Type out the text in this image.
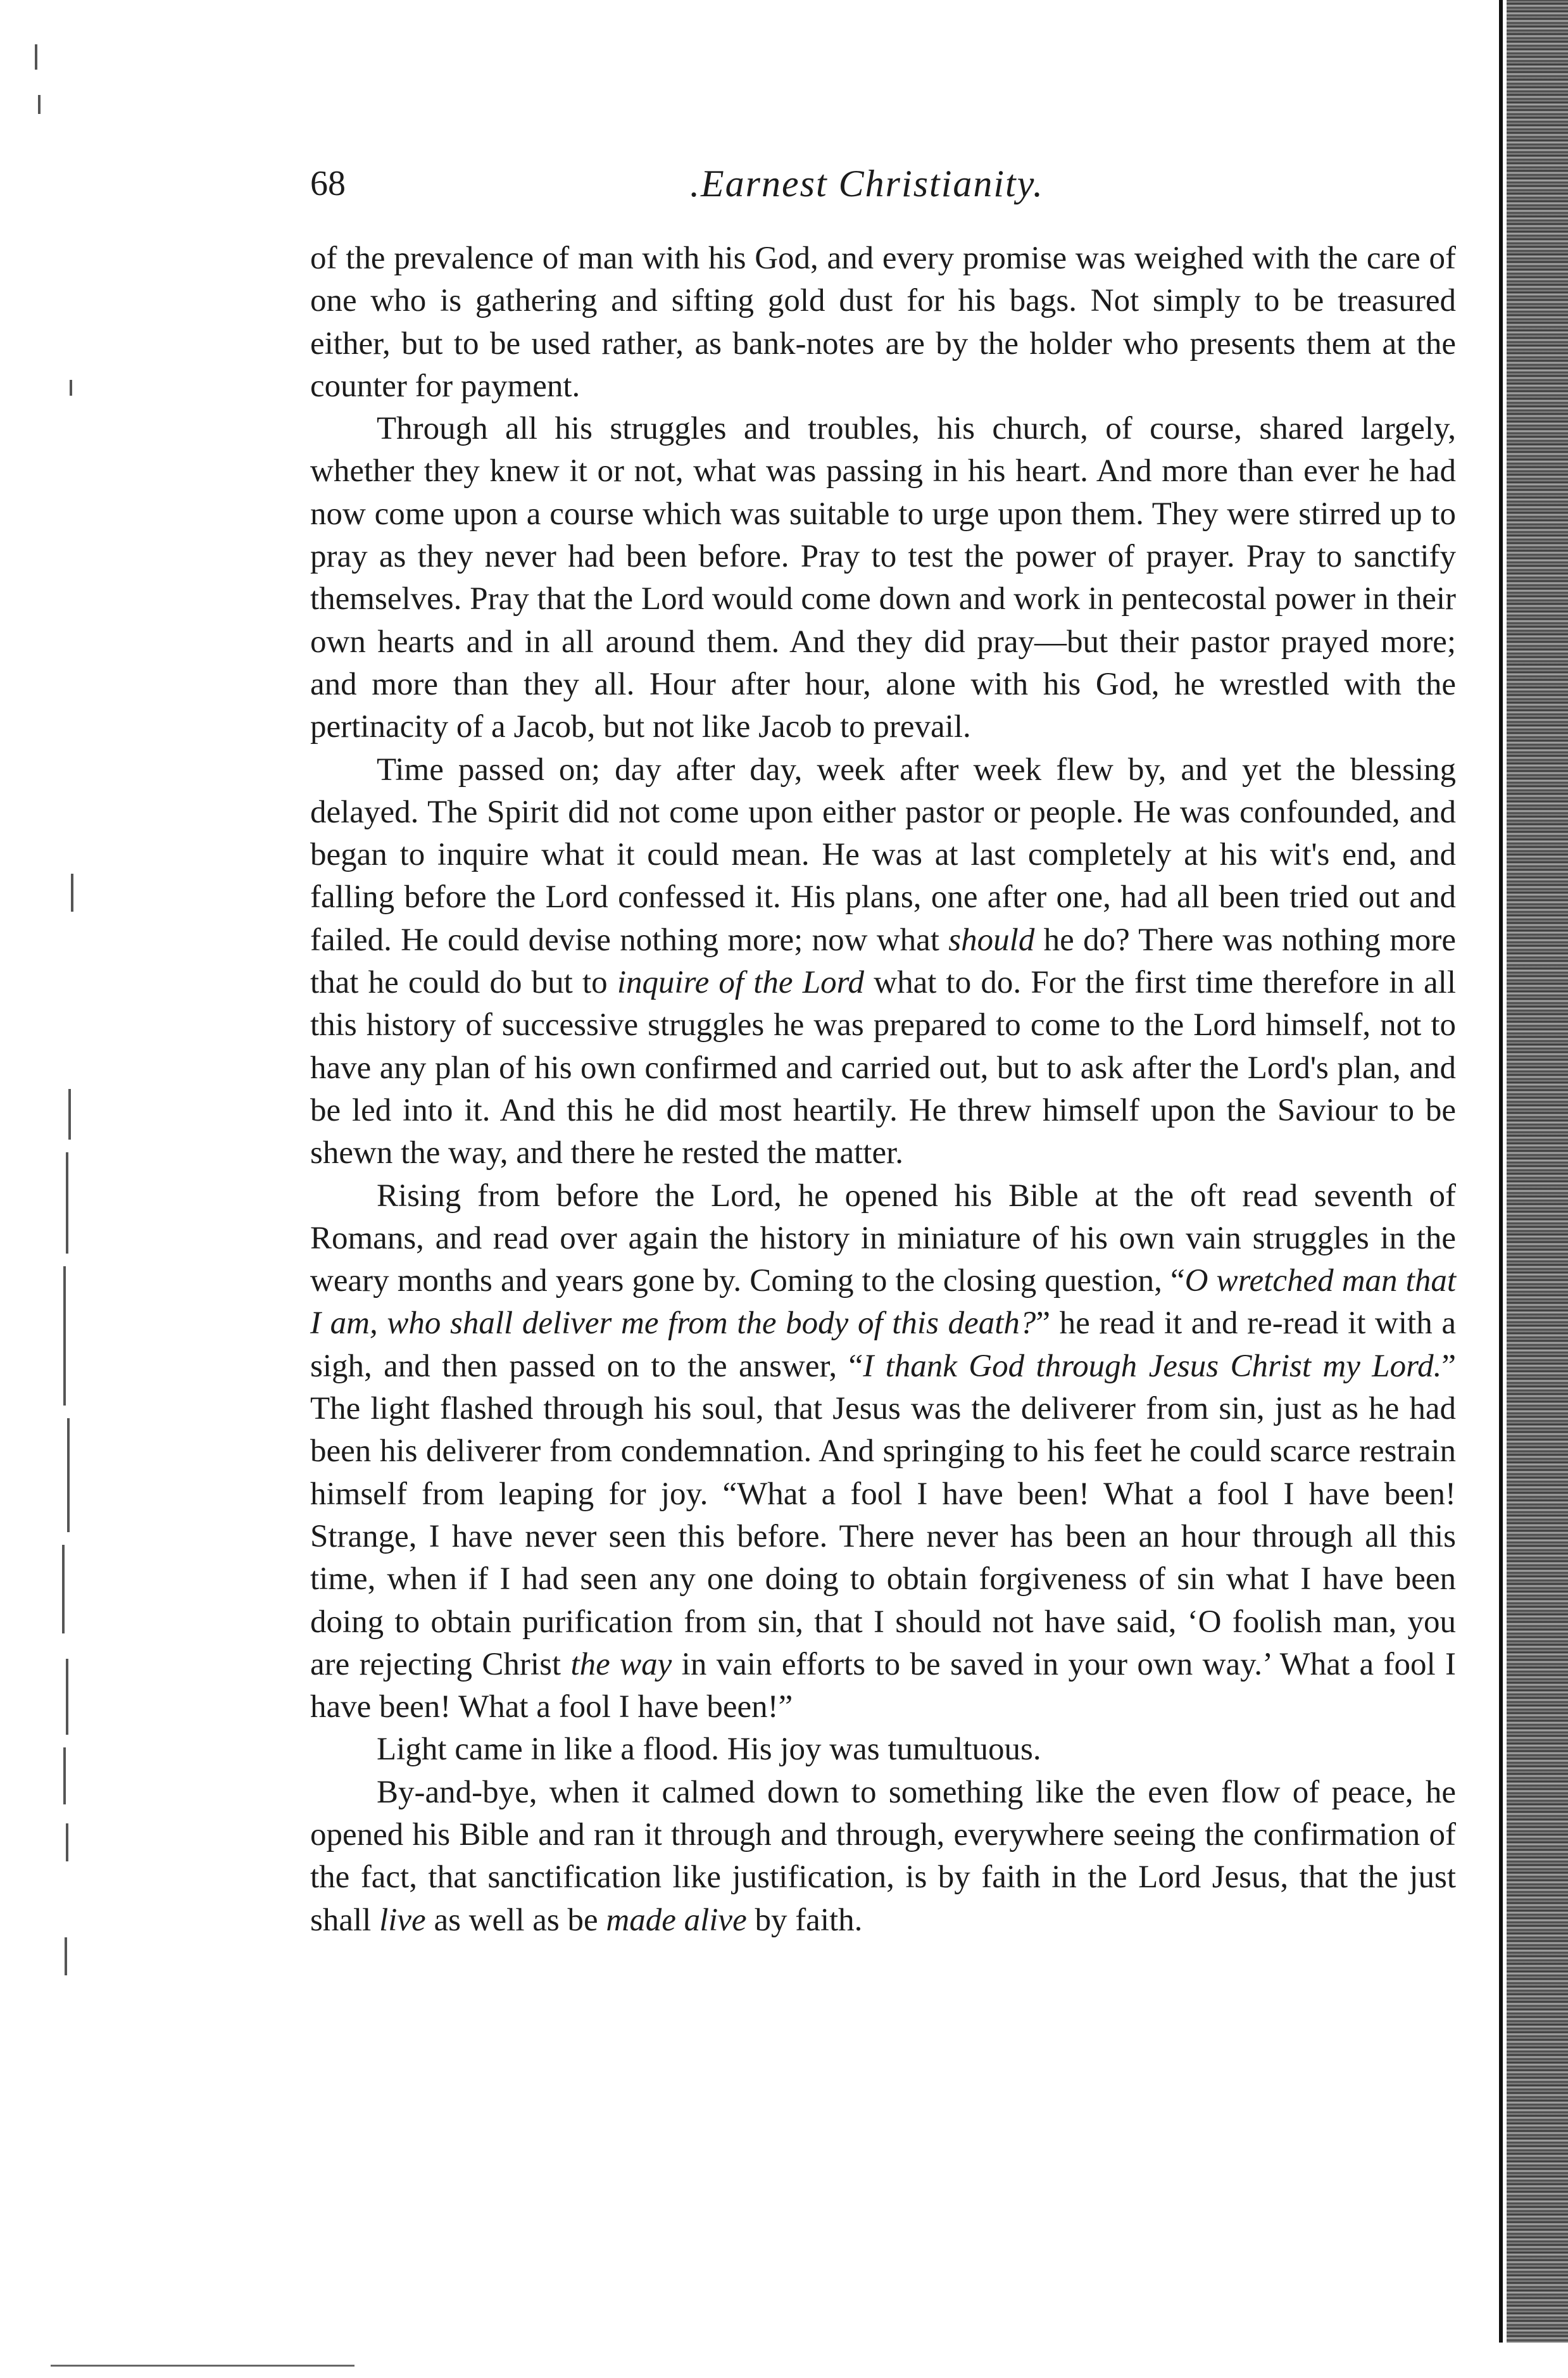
68	.Earnest Christianity.

of the prevalence of man with his God, and every promise was weighed with the care of one who is gathering and sifting gold dust for his bags. Not simply to be treasured either, but to be used rather, as bank-notes are by the holder who presents them at the counter for payment.

Through all his struggles and troubles, his church, of course, shared largely, whether they knew it or not, what was passing in his heart. And more than ever he had now come upon a course which was suitable to urge upon them. They were stirred up to pray as they never had been before. Pray to test the power of prayer. Pray to sanctify themselves. Pray that the Lord would come down and work in pentecostal power in their own hearts and in all around them. And they did pray—but their pastor prayed more; and more than they all. Hour after hour, alone with his God, he wrestled with the pertinacity of a Jacob, but not like Jacob to prevail.

Time passed on; day after day, week after week flew by, and yet the blessing delayed. The Spirit did not come upon either pastor or people. He was confounded, and began to inquire what it could mean. He was at last completely at his wit's end, and falling before the Lord confessed it. His plans, one after one, had all been tried out and failed. He could devise nothing more; now what should he do? There was nothing more that he could do but to inquire of the Lord what to do. For the first time therefore in all this history of successive struggles he was prepared to come to the Lord himself, not to have any plan of his own confirmed and carried out, but to ask after the Lord's plan, and be led into it. And this he did most heartily. He threw himself upon the Saviour to be shewn the way, and there he rested the matter.

Rising from before the Lord, he opened his Bible at the oft read seventh of Romans, and read over again the history in miniature of his own vain struggles in the weary months and years gone by. Coming to the closing question, “O wretched man that I am, who shall deliver me from the body of this death?” he read it and re-read it with a sigh, and then passed on to the answer, “I thank God through Jesus Christ my Lord.” The light flashed through his soul, that Jesus was the deliverer from sin, just as he had been his deliverer from condemnation. And springing to his feet he could scarce restrain himself from leaping for joy. “What a fool I have been! What a fool I have been! Strange, I have never seen this before. There never has been an hour through all this time, when if I had seen any one doing to obtain forgiveness of sin what I have been doing to obtain purification from sin, that I should not have said, ‘O foolish man, you are rejecting Christ the way in vain efforts to be saved in your own way.’ What a fool I have been! What a fool I have been!”

Light came in like a flood. His joy was tumultuous.

By-and-bye, when it calmed down to something like the even flow of peace, he opened his Bible and ran it through and through, everywhere seeing the confirmation of the fact, that sanctification like justification, is by faith in the Lord Jesus, that the just shall live as well as be made alive by faith.
